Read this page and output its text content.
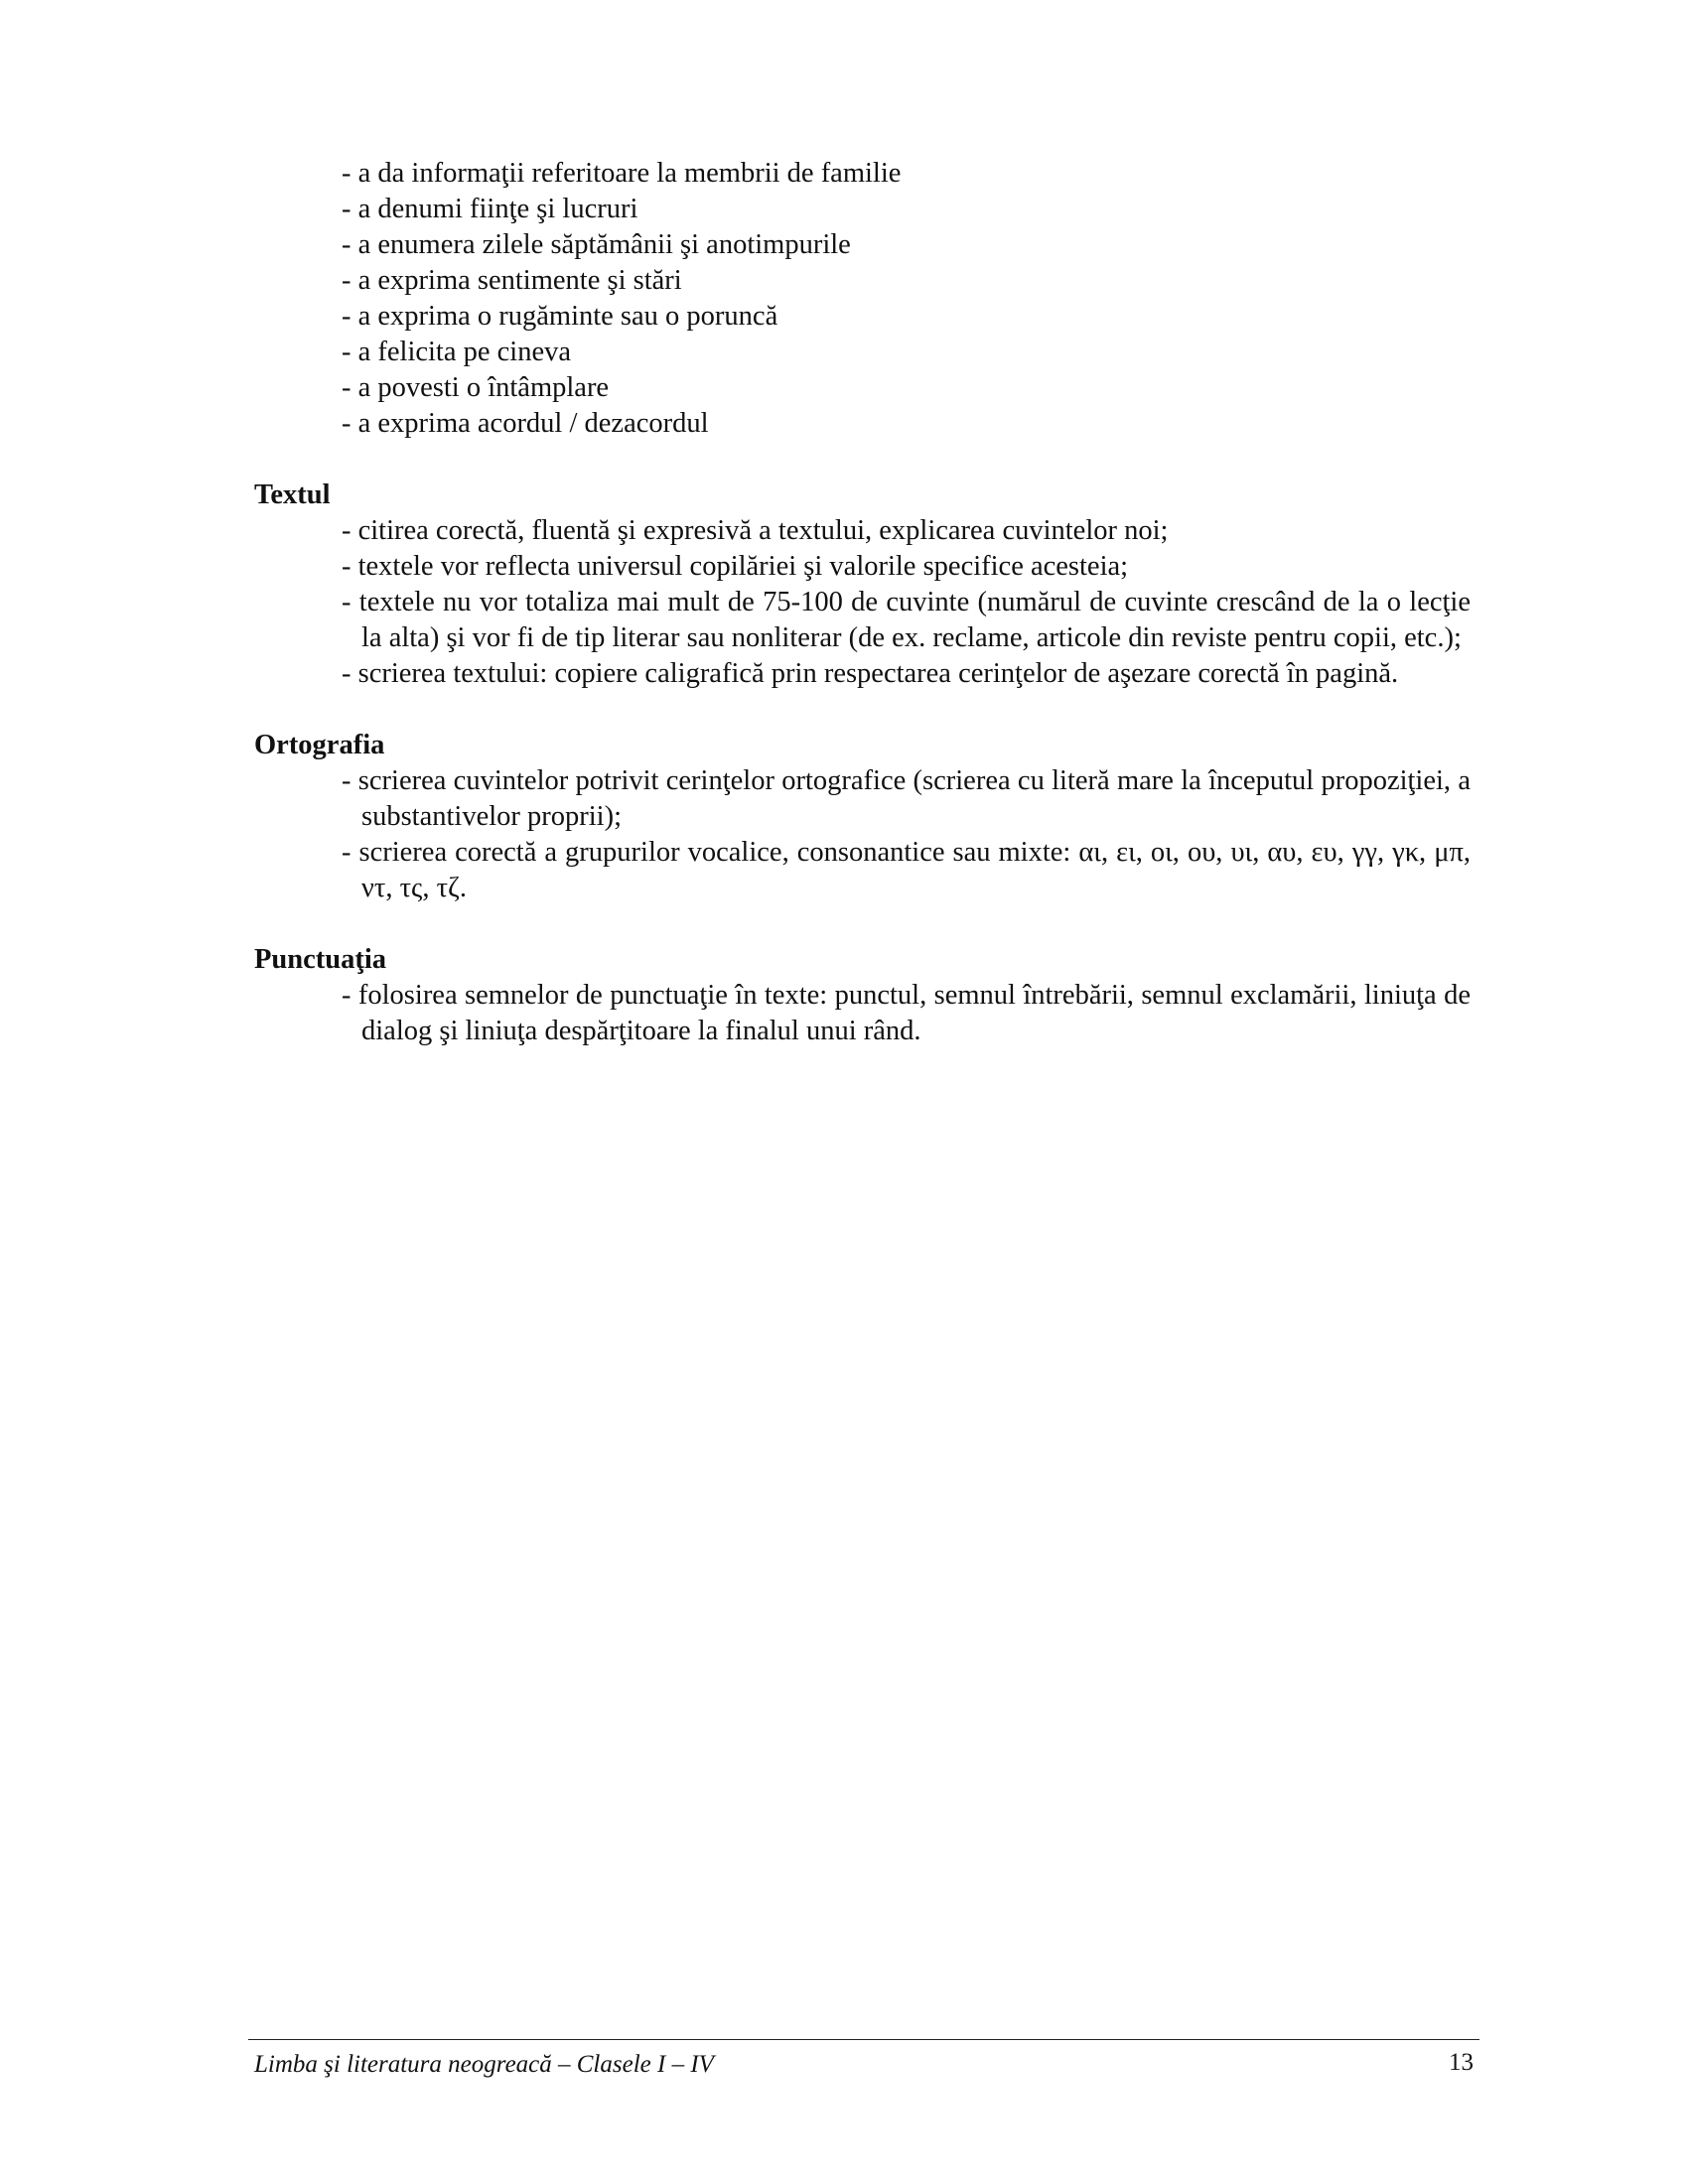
- a da informaţii referitoare la membrii de familie
- a denumi fiinţe şi lucruri
- a enumera zilele săptămânii şi anotimpurile
- a exprima sentimente şi stări
- a exprima o rugăminte sau o poruncă
- a felicita pe cineva
- a povesti o întâmplare
- a exprima acordul / dezacordul
Textul
- citirea corectă, fluentă şi expresivă a textului, explicarea cuvintelor noi;
- textele vor reflecta universul copilăriei şi valorile specifice acesteia;
- textele nu vor totaliza mai mult de 75-100 de cuvinte (numărul de cuvinte crescând de la o lecţie la alta) şi vor fi de tip literar sau nonliterar (de ex. reclame, articole din reviste pentru copii, etc.);
- scrierea textului: copiere caligrafică prin respectarea cerinţelor de aşezare corectă în pagină.
Ortografia
- scrierea cuvintelor potrivit cerinţelor ortografice (scrierea cu literă mare la începutul propoziţiei, a substantivelor proprii);
- scrierea corectă a grupurilor vocalice, consonantice sau mixte: αι, ει, οι, ου, υι, αυ, ευ, γγ, γκ, μπ, ντ, τς, τζ.
Punctuaţia
- folosirea semnelor de punctuaţie în texte: punctul, semnul întrebării, semnul exclamării, liniuţa de dialog şi liniuţa despărţitoare la finalul unui rând.
Limba şi literatura neogreacă – Clasele I – IV	13
